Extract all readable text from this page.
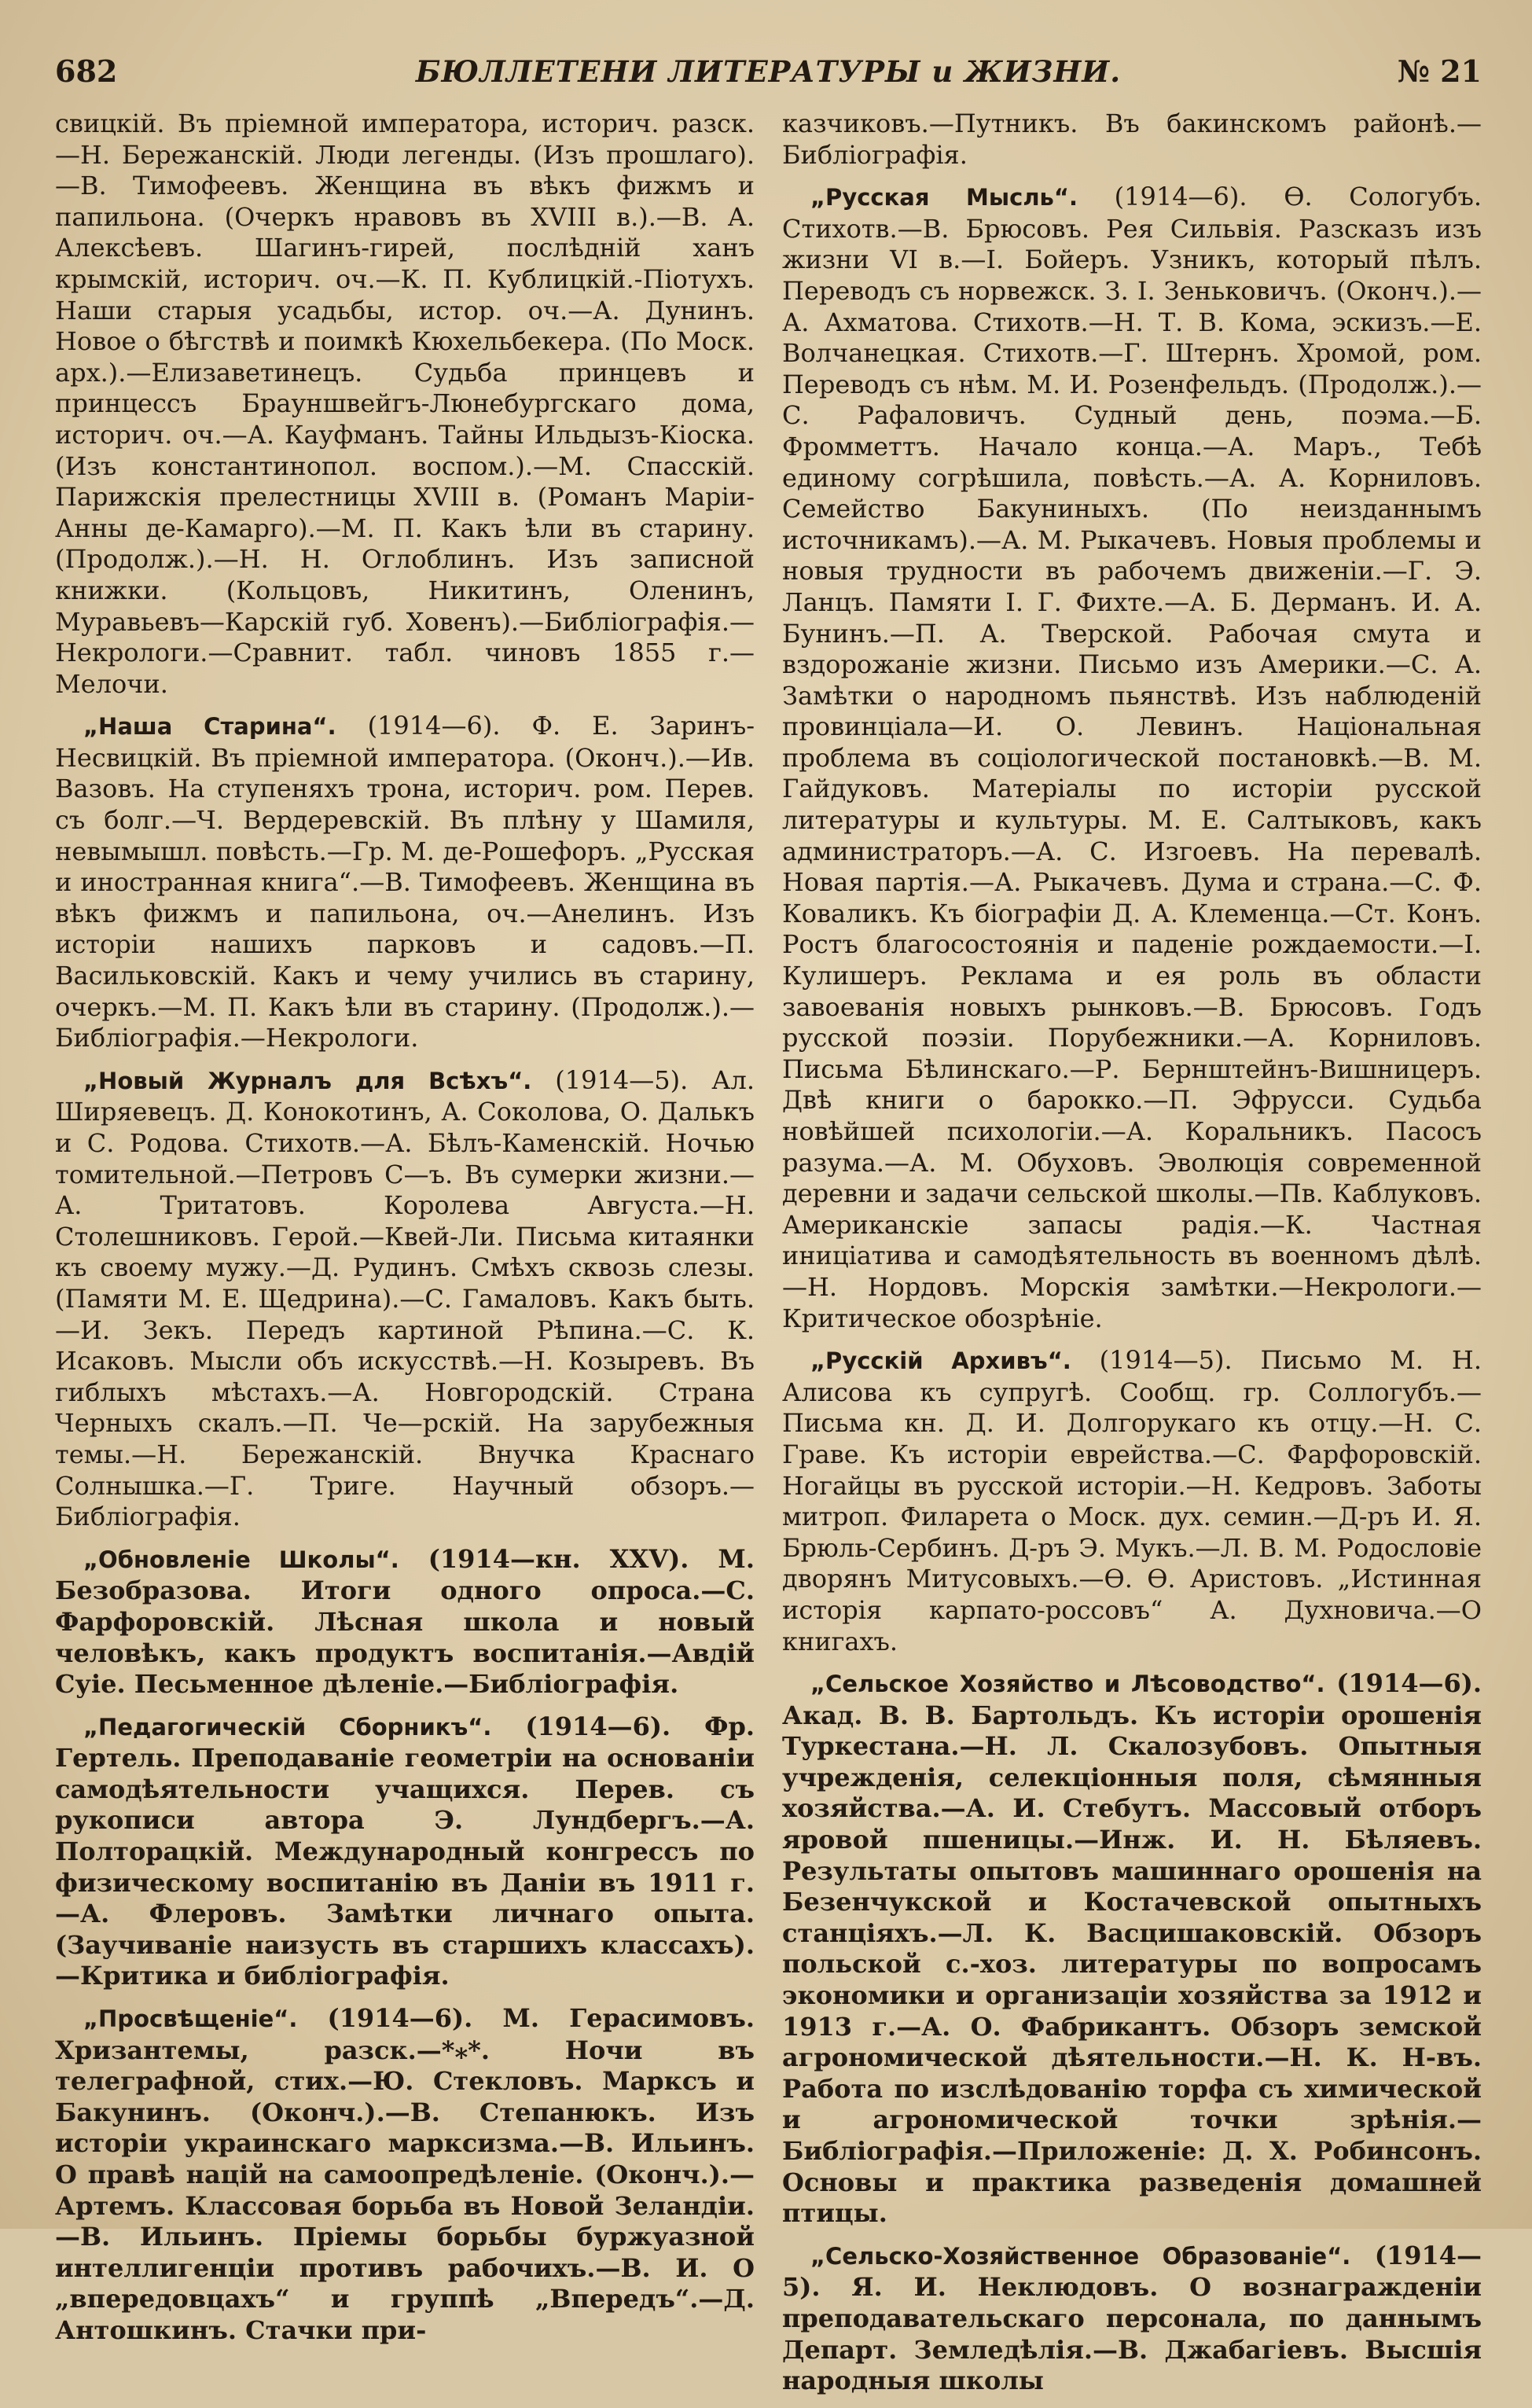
682	БЮЛЛЕТЕНИ ЛИТЕРАТУРЫ и ЖИЗНИ.	№ 21

свицкій. Въ пріемной императора, историч. разск.—Н. Бережанскій. Люди легенды. (Изъ прошлаго).—В. Тимофеевъ. Женщина въ вѣкъ фижмъ и папильона. (Очеркъ нравовъ въ XVIII в.).—В. А. Алексѣевъ. Шагинъ-гирей, послѣдній ханъ крымскій, историч. оч.—К. П. Кублицкій.-Піотухъ. Наши старыя усадьбы, истор. оч.—А. Дунинъ. Новое о бѣгствѣ и поимкѣ Кюхельбекера. (По Моск. арх.).—Елизаветинецъ. Судьба принцевъ и принцессъ Брауншвейгъ-Люнебургскаго дома, историч. оч.—А. Кауфманъ. Тайны Ильдызъ-Кіоска. (Изъ константинопол. воспом.).—М. Спасскій. Парижскія прелестницы XVIII в. (Романъ Маріи-Анны де-Камарго).—М. П. Какъ ѣли въ старину. (Продолж.).—Н. Н. Оглоблинъ. Изъ записной книжки. (Кольцовъ, Никитинъ, Оленинъ, Муравьевъ—Карскій губ. Ховенъ).—Библіографія.—Некрологи.—Сравнит. табл. чиновъ 1855 г.—Мелочи.

„Наша Старина“. (1914—6). Ф. Е. Заринъ-Несвицкій. Въ пріемной императора. (Оконч.).—Ив. Вазовъ. На ступеняхъ трона, историч. ром. Перев. съ болг.—Ч. Вердеревскій. Въ плѣну у Шамиля, невымышл. повѣсть.—Гр. М. де-Рошефоръ. „Русская и иностранная книга“.—В. Тимофеевъ. Женщина въ вѣкъ фижмъ и папильона, оч.—Анелинъ. Изъ исторіи нашихъ парковъ и садовъ.—П. Васильковскій. Какъ и чему учились въ старину, очеркъ.—М. П. Какъ ѣли въ старину. (Продолж.).—Библіографія.—Некрологи.

„Новый Журналъ для Всѣхъ“. (1914—5). Ал. Ширяевецъ. Д. Конокотинъ, А. Соколова, О. Далькъ и С. Родова. Стихотв.—А. Бѣлъ-Каменскій. Ночью томительной.—Петровъ С—ъ. Въ сумерки жизни.—А. Тритатовъ. Королева Августа.—Н. Столешниковъ. Герой.—Квей-Ли. Письма китаянки къ своему мужу.—Д. Рудинъ. Смѣхъ сквозь слезы. (Памяти М. Е. Щедрина).—С. Гамаловъ. Какъ быть.—И. Зекъ. Передъ картиной Рѣпина.—С. К. Исаковъ. Мысли объ искусствѣ.—Н. Козыревъ. Въ гиблыхъ мѣстахъ.—А. Новгородскій. Страна Черныхъ скалъ.—П. Че—рскій. На зарубежныя темы.—Н. Бережанскій. Внучка Краснаго Солнышка.—Г. Тригe. Научный обзоръ.—Библіографія.

„Обновленіе Школы“. (1914—кн. XXV). М. Безобразова. Итоги одного опроса.—С. Фарфоровскій. Лѣсная школа и новый человѣкъ, какъ продуктъ воспитанія.—Авдій Суіе. Песьменное дѣленіе.—Библіографія.

„Педагогическій Сборникъ“. (1914—6). Фр. Гертель. Преподаваніе геометріи на основаніи самодѣятельности учащихся. Перев. съ рукописи автора Э. Лундбергъ.—А. Полторацкій. Международный конгрессъ по физическому воспитанію въ Даніи въ 1911 г.—А. Флеровъ. Замѣтки личнаго опыта. (Заучиваніе наизусть въ старшихъ классахъ).—Критика и библіографія.

„Просвѣщеніе“. (1914—6). М. Герасимовъ. Хризантемы, разск.—*⁎*. Ночи въ телеграфной, стих.—Ю. Стекловъ. Марксъ и Бакунинъ. (Оконч.).—В. Степанюкъ. Изъ исторіи украинскаго марксизма.—В. Ильинъ. О правѣ націй на самоопредѣленіе. (Оконч.).—Артемъ. Классовая борьба въ Новой Зеландіи.—В. Ильинъ. Пріемы борьбы буржуазной интеллигенціи противъ рабочихъ.—В. И. О „впередовцахъ“ и группѣ „Впередъ“.—Д. Антошкинъ. Стачки при-

казчиковъ.—Путникъ. Въ бакинскомъ районѣ.—Библіографія.

„Русская Мысль“. (1914—6). Ѳ. Сологубъ. Стихотв.—В. Брюсовъ. Рея Сильвія. Разсказъ изъ жизни VI в.—І. Бойеръ. Узникъ, который пѣлъ. Переводъ съ норвежск. З. І. Зеньковичъ. (Оконч.).—А. Ахматова. Стихотв.—Н. Т. В. Кома, эскизъ.—Е. Волчанецкая. Стихотв.—Г. Штернъ. Хромой, ром. Переводъ съ нѣм. М. И. Розенфельдъ. (Продолж.).—С. Рафаловичъ. Судный день, поэма.—Б. Фромметтъ. Начало конца.—А. Маръ., Тебѣ единому согрѣшила, повѣсть.—А. А. Корниловъ. Семейство Бакуниныхъ. (По неизданнымъ источникамъ).—А. М. Рыкачевъ. Новыя проблемы и новыя трудности въ рабочемъ движеніи.—Г. Э. Ланцъ. Памяти І. Г. Фихте.—А. Б. Дерманъ. И. А. Бунинъ.—П. А. Тверской. Рабочая смута и вздорожаніе жизни. Письмо изъ Америки.—С. А. Замѣтки о народномъ пьянствѣ. Изъ наблюденій провинціала—И. О. Левинъ. Національная проблема въ соціологической постановкѣ.—В. М. Гайдуковъ. Матеріалы по исторіи русской литературы и культуры. М. Е. Салтыковъ, какъ администраторъ.—А. С. Изгоевъ. На перевалѣ. Новая партія.—А. Рыкачевъ. Дума и страна.—С. Ф. Коваликъ. Къ біографіи Д. А. Клеменца.—Ст. Конъ. Ростъ благосостоянія и паденіе рождаемости.—І. Кулишеръ. Реклама и ея роль въ области завоеванія новыхъ рынковъ.—В. Брюсовъ. Годъ русской поэзіи. Порубежники.—А. Корниловъ. Письма Бѣлинскаго.—Р. Бернштейнъ-Вишницеръ. Двѣ книги о барокко.—П. Эфрусси. Судьба новѣйшей психологіи.—А. Коральникъ. Пасосъ разума.—А. М. Обуховъ. Эволюція современной деревни и задачи сельской школы.—Пв. Каблуковъ. Американскіе запасы радія.—К. Частная иниціатива и самодѣятельность въ военномъ дѣлѣ.—Н. Нордовъ. Морскія замѣтки.—Некрологи.—Критическое обозрѣніе.

„Русскій Архивъ“. (1914—5). Письмо М. Н. Алисова къ супругѣ. Сообщ. гр. Соллогубъ.—Письма кн. Д. И. Долгорукаго къ отцу.—Н. С. Граве. Къ исторіи еврейства.—С. Фарфоровскій. Ногайцы въ русской исторіи.—Н. Кедровъ. Заботы митроп. Филарета о Моск. дух. семин.—Д-ръ И. Я. Брюль-Сербинъ. Д-ръ Э. Мукъ.—Л. В. М. Родословіе дворянъ Митусовыхъ.—Ѳ. Ѳ. Аристовъ. „Истинная исторія карпато-россовъ“ А. Духновича.—О книгахъ.

„Сельское Хозяйство и Лѣсоводство“. (1914—6). Акад. В. В. Бартольдъ. Къ исторіи орошенія Туркестана.—Н. Л. Скалозубовъ. Опытныя учрежденія, селекціонныя поля, сѣмянныя хозяйства.—А. И. Стебутъ. Массовый отборъ яровой пшеницы.—Инж. И. Н. Бѣляевъ. Результаты опытовъ машиннаго орошенія на Безенчукской и Костачевской опытныхъ станціяхъ.—Л. К. Васцишаковскій. Обзоръ польской с.-хоз. литературы по вопросамъ экономики и организаціи хозяйства за 1912 и 1913 г.—А. О. Фабрикантъ. Обзоръ земской агрономической дѣятельности.—Н. К. Н-въ. Работа по изслѣдованію торфа съ химической и агрономической точки зрѣнія.—Библіографія.—Приложеніе: Д. Х. Робинсонъ. Основы и практика разведенія домашней птицы.

„Сельско-Хозяйственное Образованіе“. (1914—5). Я. И. Неклюдовъ. О вознагражденіи преподавательскаго персонала, по даннымъ Департ. Земледѣлія.—В. Джабагіевъ. Высшія народныя школы
